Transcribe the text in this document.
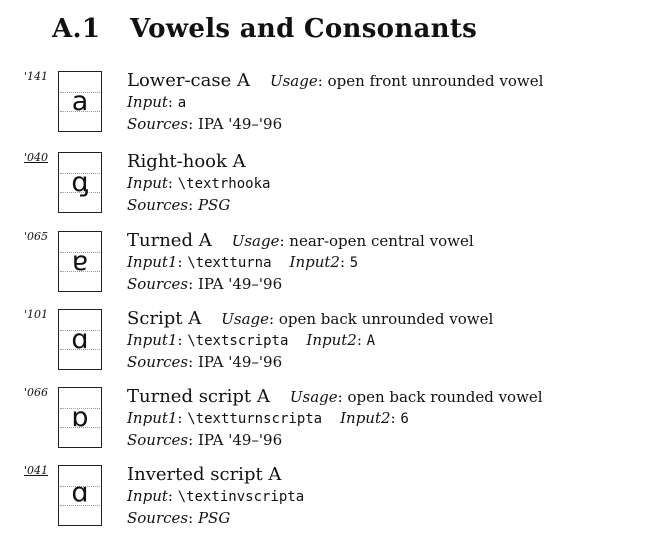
A.1 Vowels and Consonants
'141
a
Lower-case A Usage: open front unrounded vowel
Input: a
Sources: IPA '49–'96
'040
ɑ̡
Right-hook A
Input: \textrhooka
Sources: PSG
'065
ɐ
Turned A Usage: near-open central vowel
Input1: \textturna Input2: 5
Sources: IPA '49–'96
'101
ɑ
Script A Usage: open back unrounded vowel
Input1: \textscripta Input2: A
Sources: IPA '49–'96
'066
ɒ
Turned script A Usage: open back rounded vowel
Input1: \textturnscripta Input2: 6
Sources: IPA '49–'96
'041
ɑ
Inverted script A
Input: \textinvscripta
Sources: PSG
